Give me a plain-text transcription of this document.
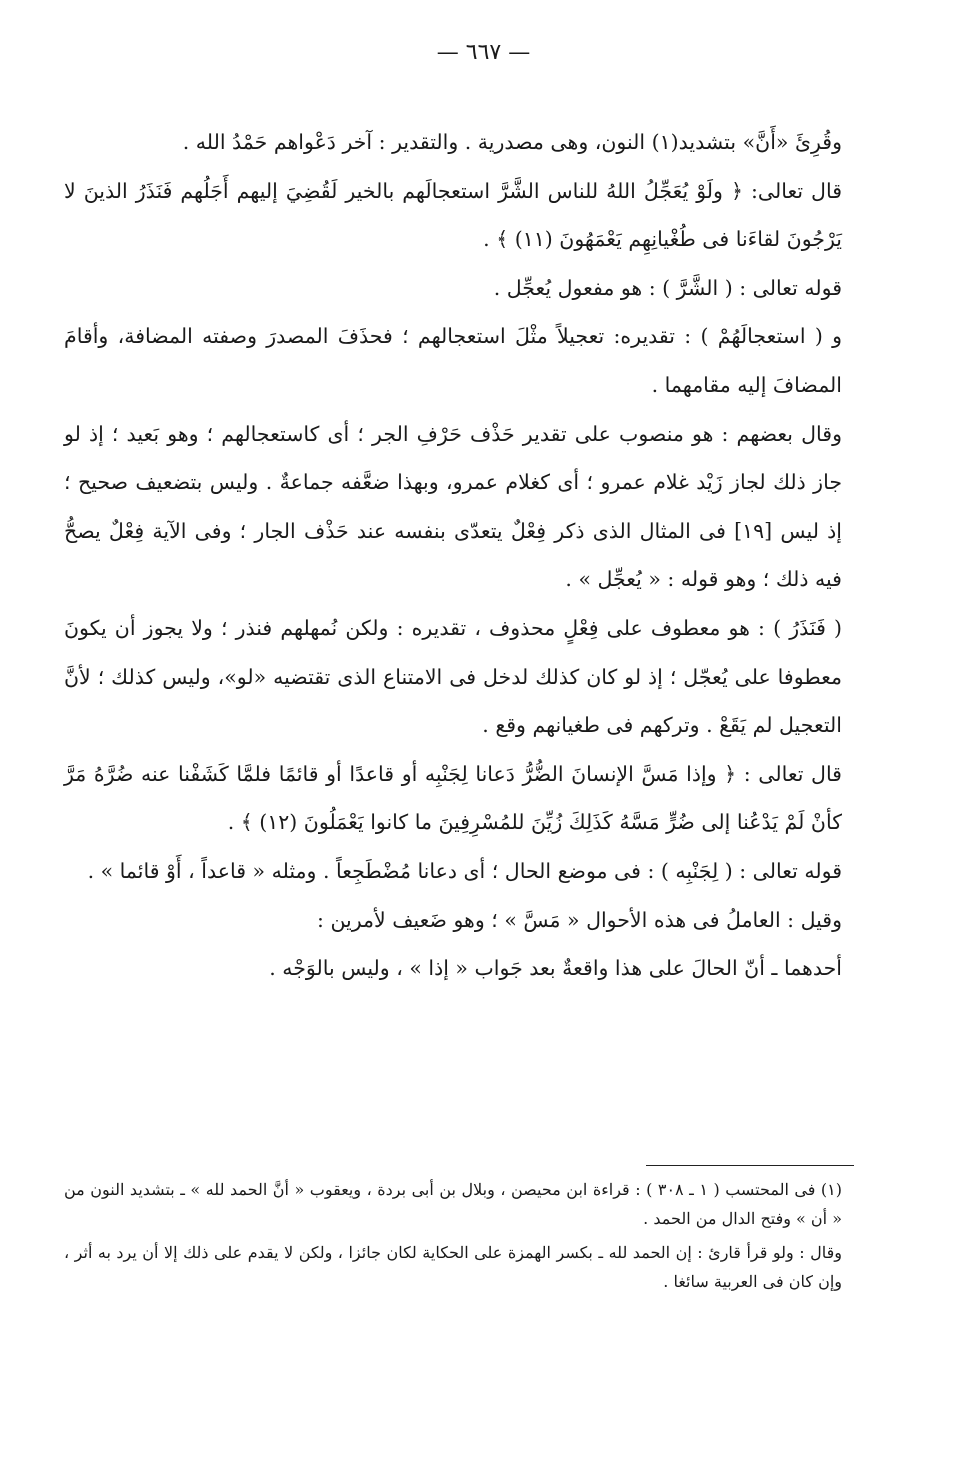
— ٦٦٧ —

وقُرِئَ «أَنَّ» بتشديد(١) النون، وهى مصدرية . والتقدير : آخر دَعْواهم حَمْدُ الله .

قال تعالى: ﴿ ولَوْ يُعَجِّلُ اللهُ للناس الشَّرَّ استعجالَهم بالخير لَقُضِيَ إليهم أَجَلُهم فَنَذَرُ الذينَ لا يَرْجُونَ لقاءَنا فى طُغْيانِهِم يَعْمَهُونَ (١١) ﴾ .

قوله تعالى : ( الشَّرَّ ) : هو مفعول يُعجِّل .

و ( استعجالَهُمْ ) : تقديره: تعجيلاً مثْلَ استعجالهم ؛ فحذَفَ المصدرَ وصفته المضافة، وأقامَ المضافَ إليه مقامهما .

وقال بعضهم : هو منصوب على تقدير حَذْف حَرْفِ الجر ؛ أى كاستعجالهم ؛ وهو بَعيد ؛ إذ لو جاز ذلك لجاز زَيْد غلام عمرو ؛ أى كغلام عمرو، وبهذا ضعَّفه جماعةٌ . وليس بتضعيف صحيح ؛ إذ ليس [١٩] فى المثال الذى ذكر فِعْلٌ يتعدّى بنفسه عند حَذْف الجار ؛ وفى الآية فِعْلٌ يصحُّ فيه ذلك ؛ وهو قوله : « يُعجِّل » .

( فَنَذَرُ ) : هو معطوف على فِعْلٍ محذوف ، تقديره : ولكن نُمهلهم فنذر ؛ ولا يجوز أن يكونَ معطوفا على يُعجّل ؛ إذ لو كان كذلك لدخل فى الامتناع الذى تقتضيه «لو»، وليس كذلك ؛ لأنَّ التعجيل لم يَقَعْ . وتركهم فى طغيانهم وقع .

قال تعالى : ﴿ وإذا مَسَّ الإنسانَ الضُّرُّ دَعانا لِجَنْبِه أو قاعدًا أو قائمًا فلمَّا كَشَفْنا عنه ضُرَّهُ مَرَّ كأنْ لَمْ يَدْعُنا إلى ضُرٍّ مَسَّهُ كَذَلِكَ زُيِّنَ للمُسْرِفِينَ ما كانوا يَعْمَلُونَ (١٢) ﴾ .

قوله تعالى : ( لِجَنْبِه ) : فى موضع الحال ؛ أى دعانا مُضْطَجِعاً . ومثله « قاعداً ، أَوْ قائما » .

وقيل : العاملُ فى هذه الأحوال « مَسَّ » ؛ وهو ضَعيف لأمرين :

أحدهما ـ أنّ الحالَ على هذا واقعةٌ بعد جَواب « إذا » ، وليس بالوَجْه .

(١) فى المحتسب ( ١ ـ ٣٠٨ ) : قراءة ابن محيصن ، وبلال بن أبى بردة ، ويعقوب « أنَّ الحمد لله » ـ بتشديد النون من « أن » وفتح الدال من الحمد .

وقال : ولو قرأ قارئ : إن الحمد لله ـ بكسر الهمزة على الحكاية لكان جائزا ، ولكن لا يقدم على ذلك إلا أن يرد به أثر ، وإن كان فى العربية سائغا .
